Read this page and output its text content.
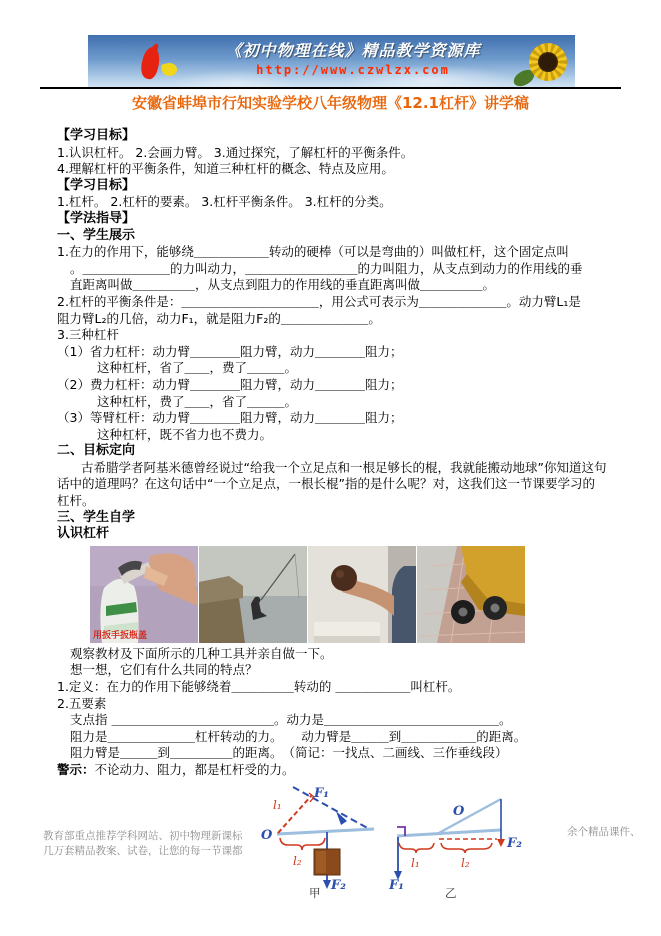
《初中物理在线》精品教学资源库
http://www.czwlzx.com
安徽省蚌埠市行知实验学校八年级物理《12.1杠杆》讲学稿
【学习目标】
1.认识杠杆。 2.会画力臂。 3.通过探究，了解杠杆的平衡条件。
4.理解杠杆的平衡条件，知道三种杠杆的概念、特点及应用。
【学习目标】
1.杠杆。 2.杠杆的要素。 3.杠杆平衡条件。 3.杠杆的分类。
【学法指导】
一、学生展示
1.在力的作用下，能够绕＿＿＿＿＿＿转动的硬棒（可以是弯曲的）叫做杠杆，这个固定点叫
。＿＿＿＿＿＿＿的力叫动力，＿＿＿＿＿＿＿＿＿的力叫阻力，从支点到动力的作用线的垂
直距离叫做＿＿＿＿＿，从支点到阻力的作用线的垂直距离叫做＿＿＿＿＿。
2.杠杆的平衡条件是：＿＿＿＿＿＿＿＿＿＿＿，用公式可表示为＿＿＿＿＿＿＿。动力臂L₁是
阻力臂L₂的几倍，动力F₁，就是阻力F₂的＿＿＿＿＿＿＿。
3.三种杠杆
（1）省力杠杆：动力臂＿＿＿＿阻力臂，动力＿＿＿＿阻力；
这种杠杆，省了＿＿，费了＿＿＿。
（2）费力杠杆：动力臂＿＿＿＿阻力臂，动力＿＿＿＿阻力；
这种杠杆，费了＿＿，省了＿＿＿。
（3）等臂杠杆：动力臂＿＿＿＿阻力臂，动力＿＿＿＿阻力；
这种杠杆，既不省力也不费力。
二、目标定向
古希腊学者阿基米德曾经说过“给我一个立足点和一根足够长的棍，我就能搬动地球”你知道这句
话中的道理吗？在这句话中“一个立足点，一根长棍”指的是什么呢？对，这我们这一节课要学习的
杠杆。
三、学生自学
认识杠杆
用扳手扳瓶盖
观察教材及下面所示的几种工具并亲自做一下。
想一想，它们有什么共同的特点？
1.定义：在力的作用下能够绕着＿＿＿＿＿转动的 ＿＿＿＿＿＿叫杠杆。
2.五要素
支点指 ＿＿＿＿＿＿＿＿＿＿＿＿＿。动力是＿＿＿＿＿＿＿＿＿＿＿＿＿＿。
阻力是＿＿＿＿＿＿＿杠杆转动的力。　　 动力臂是＿＿＿到＿＿＿＿＿＿的距离。
阻力臂是＿＿＿到＿＿＿＿＿的距离。　 （简记：一找点、二画线、三作垂线段）
警示：不论动力、阻力，都是杠杆受的力。
教育部重点推荐学科网站、初中物理新课标
几万套精品教案、试卷，让您的每一节课都
余个精品课件、
F₁
l₁
O
l₂
F₂
甲
O
l₁	l₂
F₁
F₂
乙
